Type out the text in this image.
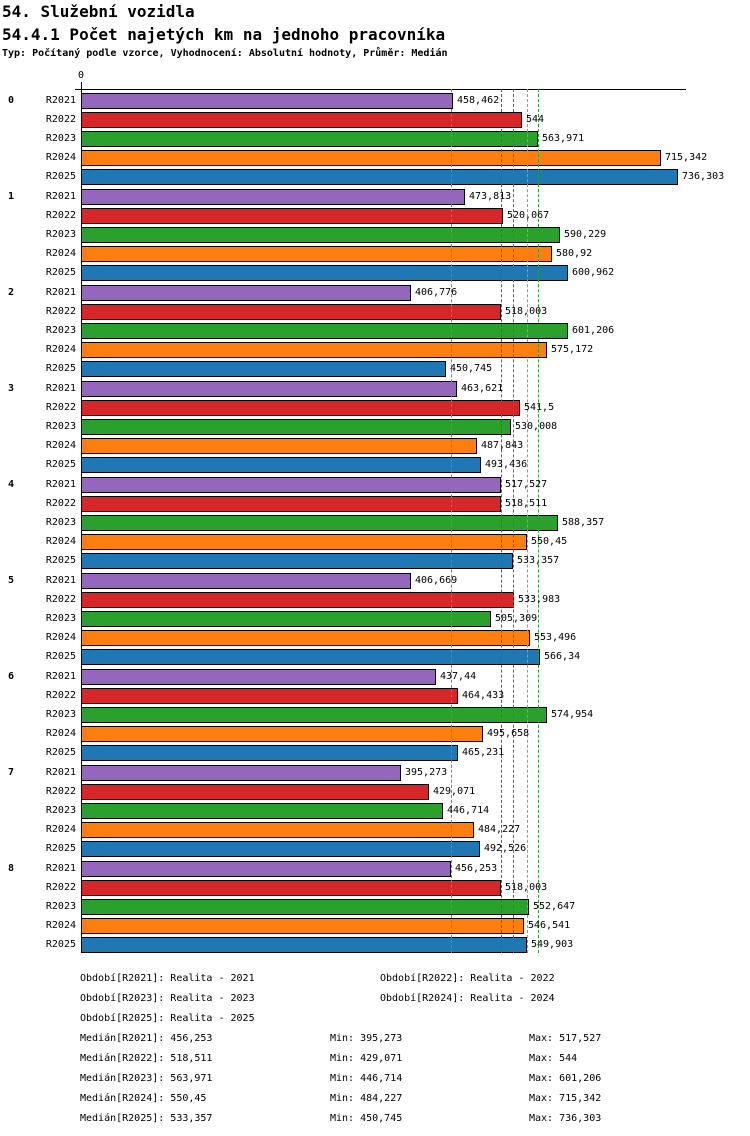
54. Služební vozidla
54.4.1 Počet najetých km na jednoho pracovníka
Typ: Počítaný podle vzorce, Vyhodnocení: Absolutní hodnoty, Průměr: Medián
0
0	R2021	458,462
R2022	544
R2023	563,971
R2024	715,342
R2025	736,303
1	R2021	473,813
R2022	520,067
R2023	590,229
R2024	580,92
R2025	600,962
2	R2021	406,776
R2022	518,003
R2023	601,206
R2024	575,172
R2025	450,745
3	R2021	463,621
R2022	541,5
R2023	530,008
R2024	487,843
R2025	493,436
4	R2021	517,527
R2022	518,511
R2023	588,357
R2024	550,45
R2025	533,357
5	R2021	406,669
R2022	533,983
R2023	505,309
R2024	553,496
R2025	566,34
6	R2021	437,44
R2022	464,433
R2023	574,954
R2024	495,658
R2025	465,231
7	R2021	395,273
R2022	429,071
R2023	446,714
R2024	484,227
R2025	492,526
8	R2021	456,253
R2022	518,003
R2023	552,647
R2024	546,541
R2025	549,903
Období[R2021]: Realita - 2021	Období[R2022]: Realita - 2022
Období[R2023]: Realita - 2023	Období[R2024]: Realita - 2024
Období[R2025]: Realita - 2025
Medián[R2021]: 456,253	Min: 395,273	Max: 517,527
Medián[R2022]: 518,511	Min: 429,071	Max: 544
Medián[R2023]: 563,971	Min: 446,714	Max: 601,206
Medián[R2024]: 550,45	Min: 484,227	Max: 715,342
Medián[R2025]: 533,357	Min: 450,745	Max: 736,303
